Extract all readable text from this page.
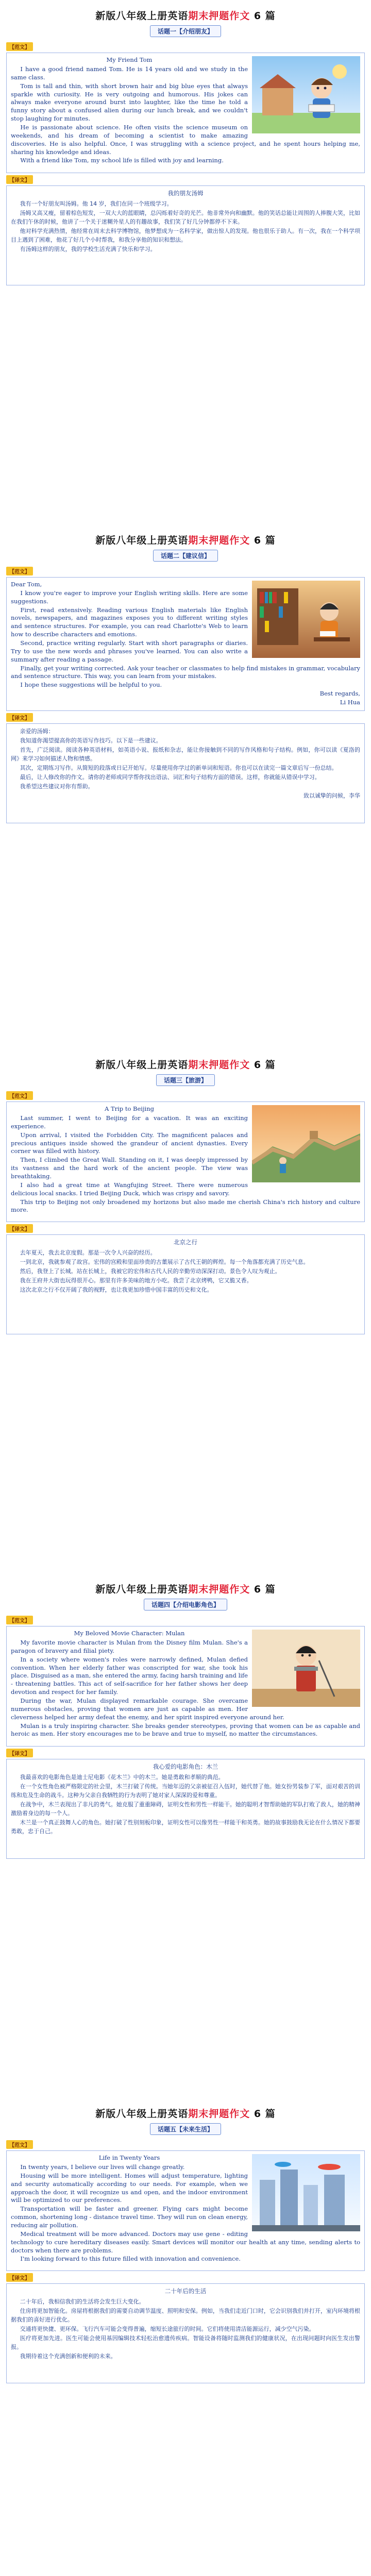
新版八年级上册英语期末押题作文 6 篇
话题一【介绍朋友】
【范文】
My Friend Tom

I have a good friend named Tom. He is 14 years old and we study in the same class.

Tom is tall and thin, with short brown hair and big blue eyes that always sparkle with curiosity. He is very outgoing and humorous. His jokes can always make everyone around burst into laughter, like the time he told a funny story about a confused alien during our lunch break, and we couldn't stop laughing for minutes.

He is passionate about science. He often visits the science museum on weekends, and his dream of becoming a scientist to make amazing discoveries. He is also helpful. Once, I was struggling with a science project, and he spent hours helping me, sharing his knowledge and ideas.

With a friend like Tom, my school life is filled with joy and learning.

【译文】
我的朋友汤姆

我有一个好朋友叫汤姆。他 14 岁，我们在同一个班级学习。

汤姆又高又瘦，留着棕色短发，一双大大的蓝眼睛，总闪烁着好奇的光芒。他非常外向和幽默。他的笑话总能让周围的人捧腹大笑，比如在我们午休的时候，他讲了一个关于迷糊外星人的有趣故事，我们笑了好几分钟都停不下来。

他对科学充满热情，他经常在周末去科学博物馆，他梦想成为一名科学家，做出惊人的发现。他也很乐于助人。有一次，我在一个科学项目上遇到了困难，他花了好几个小时帮我，和我分享他的知识和想法。

有汤姆这样的朋友，我的学校生活充满了快乐和学习。

新版八年级上册英语期末押题作文 6 篇
话题二【建议信】
【范文】

Dear Tom,

I know you're eager to improve your English writing skills. Here are some suggestions.

First, read extensively. Reading various English materials like English novels, newspapers, and magazines exposes you to different writing styles and sentence structures. For example, you can read Charlotte's Web to learn how to describe characters and emotions.

Second, practice writing regularly. Start with short paragraphs or diaries. Try to use the new words and phrases you've learned. You can also write a summary after reading a passage.

Finally, get your writing corrected. Ask your teacher or classmates to help find mistakes in grammar, vocabulary and sentence structure. This way, you can learn from your mistakes.

I hope these suggestions will be helpful to you.

Best regards,

Li Hua

【译文】

亲爱的汤姆：

我知道你渴望提高你的英语写作技巧。以下是一些建议。

首先，广泛阅读。阅读各种英语材料，如英语小说、报纸和杂志，能让你接触到不同的写作风格和句子结构。例如，你可以读《夏洛的网》来学习如何描述人物和情感。

其次，定期练习写作。从简短的段落或日记开始写。尽量使用你学过的新单词和短语。你也可以在读完一篇文章后写一份总结。

最后，让人修改你的作文。请你的老师或同学帮你找出语法、词汇和句子结构方面的错误。这样，你就能从错误中学习。

我希望这些建议对你有帮助。

致以诚挚的问候，李华

新版八年级上册英语期末押题作文 6 篇
话题三【旅游】
【范文】
A Trip to Beijing

Last summer, I went to Beijing for a vacation. It was an exciting experience.

Upon arrival, I visited the Forbidden City. The magnificent palaces and precious antiques inside showed the grandeur of ancient dynasties. Every corner was filled with history.

Then, I climbed the Great Wall. Standing on it, I was deeply impressed by its vastness and the hard work of the ancient people. The view was breathtaking.

I also had a great time at Wangfujing Street. There were numerous delicious local snacks. I tried Beijing Duck, which was crispy and savory.

This trip to Beijing not only broadened my horizons but also made me cherish China's rich history and culture more.

【译文】
北京之行

去年夏天，我去北京度假。那是一次令人兴奋的经历。

一到北京，我就参观了故宫。宏伟的宫殿和里面珍贵的古董展示了古代王朝的辉煌。每一个角落都充满了历史气息。

然后，我登上了长城。站在长城上，我被它的宏伟和古代人民的辛勤劳动深深打动。景色令人叹为观止。

我在王府井大街也玩得很开心。那里有许多美味的地方小吃。我尝了北京烤鸭，它又脆又香。

这次北京之行不仅开阔了我的视野，也让我更加珍惜中国丰富的历史和文化。

新版八年级上册英语期末押题作文 6 篇
话题四【介绍电影角色】
【范文】
My Beloved Movie Character: Mulan

My favorite movie character is Mulan from the Disney film Mulan. She's a paragon of bravery and filial piety.

In a society where women's roles were narrowly defined, Mulan defied convention. When her elderly father was conscripted for war, she took his place. Disguised as a man, she entered the army, facing harsh training and life - threatening battles. This act of self-sacrifice for her father shows her deep devotion and respect for her family.

During the war, Mulan displayed remarkable courage. She overcame numerous obstacles, proving that women are just as capable as men. Her cleverness helped her army defeat the enemy, and her spirit inspired everyone around her.

Mulan is a truly inspiring character. She breaks gender stereotypes, proving that women can be as capable and heroic as men. Her story encourages me to be brave and true to myself, no matter the circumstances.

【译文】
我心爱的电影角色：木兰

我最喜欢的电影角色是迪士尼电影《花木兰》中的木兰。她是勇敢和孝顺的典范。

在一个女性角色被严格限定的社会里，木兰打破了传统。当她年迈的父亲被征召入伍时，她代替了他。她女扮男装参了军，面对艰苦的训练和危及生命的战斗。这种为父亲自我牺牲的行为表明了她对家人深深的爱和尊重。

在战争中，木兰表现出了非凡的勇气。她克服了重重障碍，证明女性和男性一样能干。她的聪明才智帮助她的军队打败了敌人，她的精神激励着身边的每一个人。

木兰是一个真正鼓舞人心的角色。她打破了性别刻板印象，证明女性可以像男性一样能干和英勇。她的故事鼓励我无论在什么情况下都要勇敢，忠于自己。

新版八年级上册英语期末押题作文 6 篇
话题五【未来生活】
【范文】
Life in Twenty Years

In twenty years, I believe our lives will change greatly.

Housing will be more intelligent. Homes will adjust temperature, lighting and security automatically according to our needs. For example, when we approach the door, it will recognize us and open, and the indoor environment will be optimized to our preferences.

Transportation will be faster and greener. Flying cars might become common, shortening long - distance travel time. They will run on clean energy, reducing air pollution.

Medical treatment will be more advanced. Doctors may use gene - editing technology to cure hereditary diseases easily. Smart devices will monitor our health at any time, sending alerts to doctors when there are problems.

I'm looking forward to this future filled with innovation and convenience.

【译文】
二十年后的生活

二十年后，我相信我们的生活将会发生巨大变化。

住房将更加智能化。房屋将根据我们的需要自动调节温度、照明和安保。例如，当我们走近门口时，它会识别我们并打开，室内环境将根据我们的喜好进行优化。

交通将更快捷、更环保。飞行汽车可能会变得普遍，缩短长途旅行的时间。它们将使用清洁能源运行，减少空气污染。

医疗将更加先进。医生可能会使用基因编辑技术轻松治愈遗传疾病。智能设备将随时监测我们的健康状况，在出现问题时向医生发出警报。

我期待着这个充满创新和便利的未来。
